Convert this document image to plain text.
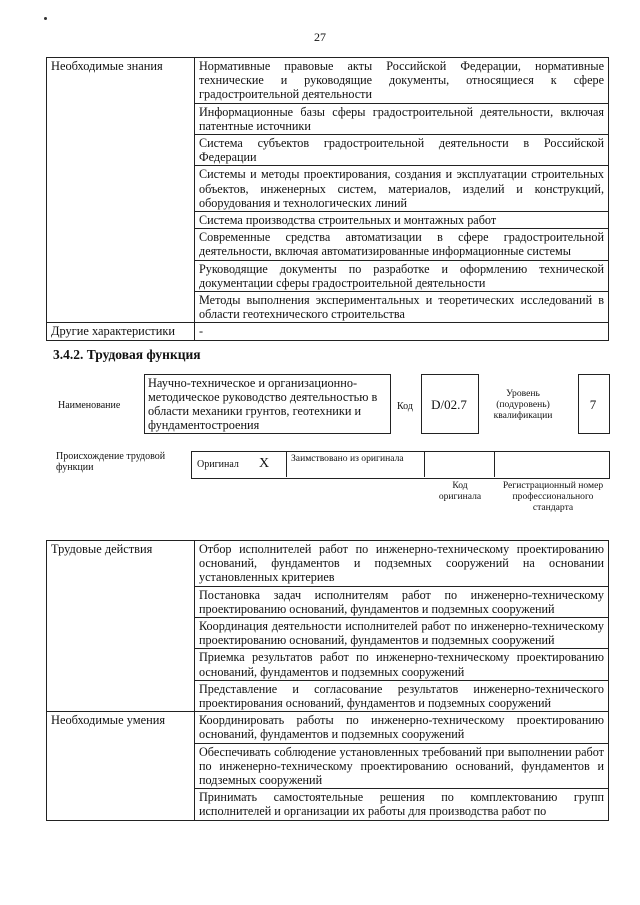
27
Необходимые знания	Нормативные правовые акты Российской Федерации, нормативные технические и руководящие документы, относящиеся к сфере градостроительной деятельности
	Информационные базы сферы градостроительной деятельности, включая патентные источники
	Система субъектов градостроительной деятельности в Российской Федерации
	Системы и методы проектирования, создания и эксплуатации строительных объектов, инженерных систем, материалов, изделий и конструкций, оборудования и технологических линий
	Система производства строительных и монтажных работ
	Современные средства автоматизации в сфере градостроительной деятельности, включая автоматизированные информационные системы
	Руководящие документы по разработке и оформлению технической документации сферы градостроительной деятельности
	Методы выполнения экспериментальных и теоретических исследований в области геотехнического строительства
Другие характеристики	-
3.4.2. Трудовая функция
Наименование
Научно-техническое и организационно-методическое руководство деятельностью в области механики грунтов, геотехники и фундаментостроения
Код	D/02.7
Уровень (подуровень) квалификации
7
Происхождение трудовой функции	Оригинал X Заимствовано из оригинала
Код оригинала
Регистрационный номер профессионального стандарта
Трудовые действия	Отбор исполнителей работ по инженерно-техническому проектированию оснований, фундаментов и подземных сооружений на основании установленных критериев
	Постановка задач исполнителям работ по инженерно-техническому проектированию оснований, фундаментов и подземных сооружений
	Координация деятельности исполнителей работ по инженерно-техническому проектированию оснований, фундаментов и подземных сооружений
	Приемка результатов работ по инженерно-техническому проектированию оснований, фундаментов и подземных сооружений
	Представление и согласование результатов инженерно-технического проектирования оснований, фундаментов и подземных сооружений
Необходимые умения	Координировать работы по инженерно-техническому проектированию оснований, фундаментов и подземных сооружений
	Обеспечивать соблюдение установленных требований при выполнении работ по инженерно-техническому проектированию оснований, фундаментов и подземных сооружений
	Принимать самостоятельные решения по комплектованию групп исполнителей и организации их работы для производства работ по
